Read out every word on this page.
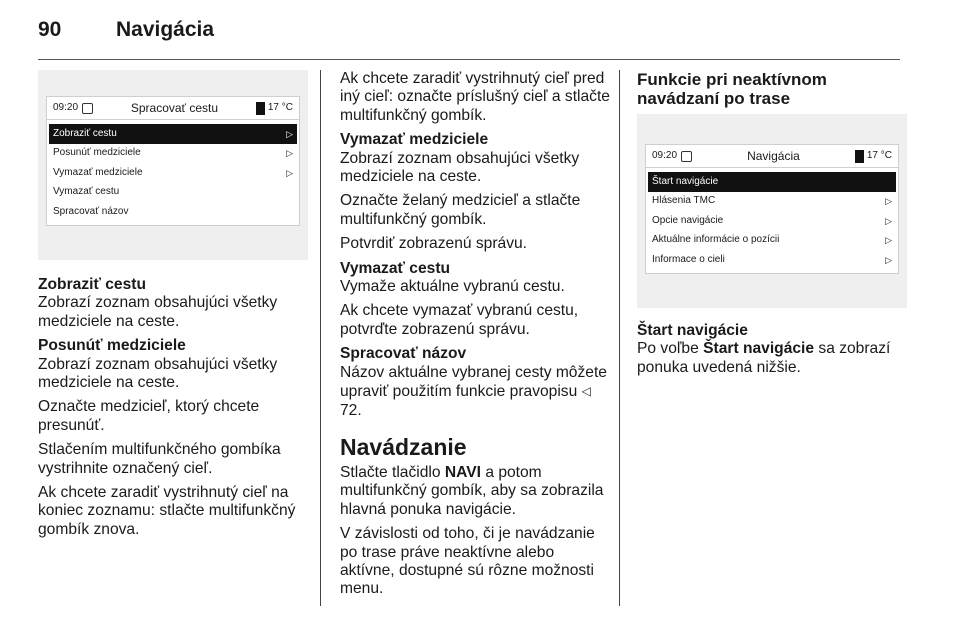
90	Navigácia
09:20	Spracovať cestu	17 °C
Zobraziť cestu	▷
Posunúť medziciele	▷
Vymazať medziciele	▷
Vymazať cestu
Spracovať názov

Zobraziť cestu

Zobrazí zoznam obsahujúci všetky medziciele na ceste.

Posunúť medziciele

Zobrazí zoznam obsahujúci všetky medziciele na ceste.

Označte medzicieľ, ktorý chcete presunúť.

Stlačením multifunkčného gombíka vystrihnite označený cieľ.

Ak chcete zaradiť vystrihnutý cieľ na koniec zoznamu: stlačte multifunkčný gombík znova.

Ak chcete zaradiť vystrihnutý cieľ pred iný cieľ: označte príslušný cieľ a stlačte multifunkčný gombík.

Vymazať medziciele

Zobrazí zoznam obsahujúci všetky medziciele na ceste.

Označte želaný medzicieľ a stlačte multifunkčný gombík.

Potvrdiť zobrazenú správu.

Vymazať cestu

Vymaže aktuálne vybranú cestu.

Ak chcete vymazať vybranú cestu, potvrďte zobrazenú správu.

Spracovať názov

Názov aktuálne vybranej cesty môžete upraviť použitím funkcie pravopisu ◁ 72.

Navádzanie

Stlačte tlačidlo NAVI a potom multifunkčný gombík, aby sa zobrazila hlavná ponuka navigácie.

V závislosti od toho, či je navádzanie po trase práve neaktívne alebo aktívne, dostupné sú rôzne možnosti menu.

Funkcie pri neaktívnom navádzaní po trase
09:20	Navigácia	17 °C
Štart navigácie
Hlásenia TMC	▷
Opcie navigácie	▷
Aktuálne informácie o pozícii	▷
Informace o cieli	▷

Štart navigácie

Po voľbe Štart navigácie sa zobrazí ponuka uvedená nižšie.
